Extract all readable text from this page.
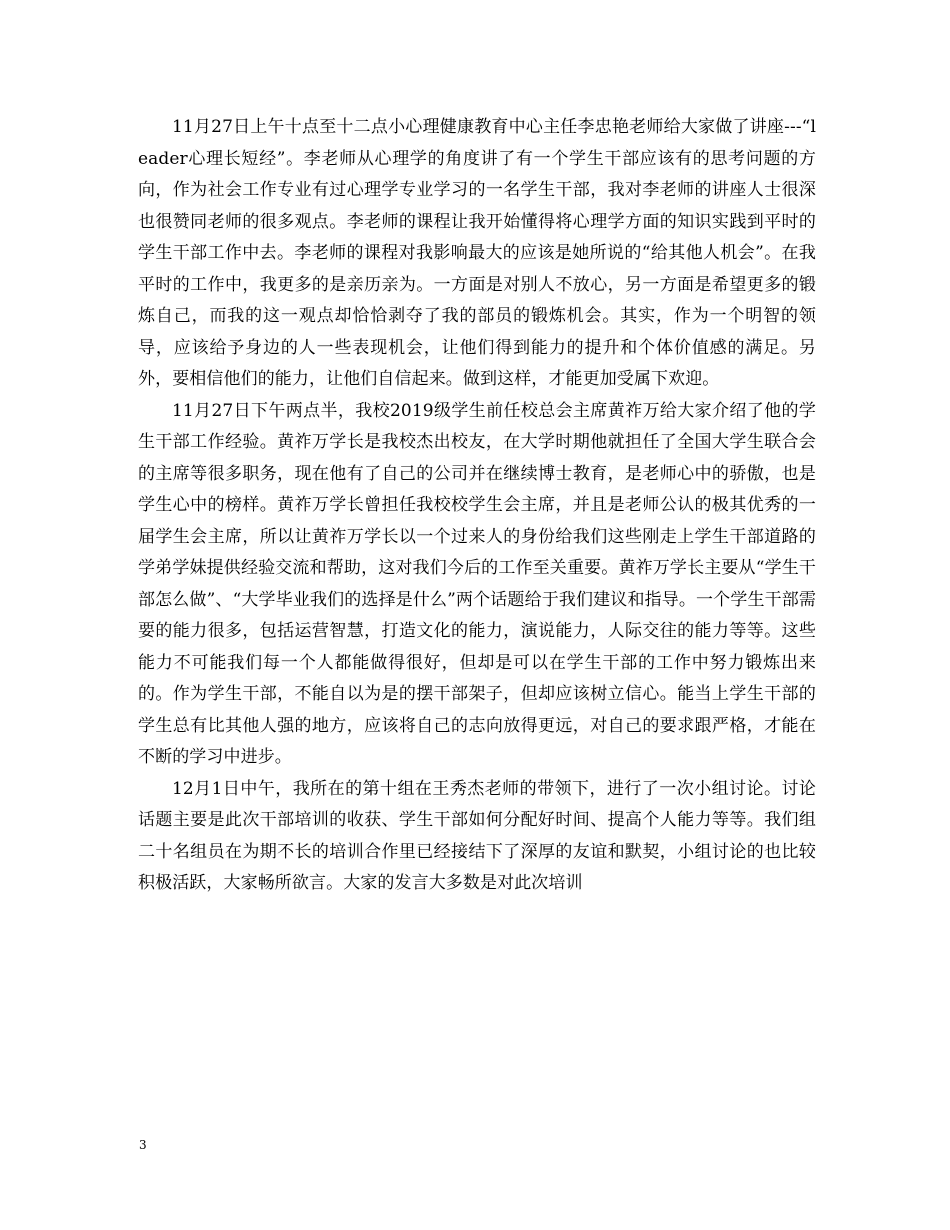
11月27日上午十点至十二点小心理健康教育中心主任李忠艳老师给大家做了讲座---“leader心理长短经”。李老师从心理学的角度讲了有一个学生干部应该有的思考问题的方向，作为社会工作专业有过心理学专业学习的一名学生干部，我对李老师的讲座人士很深也很赞同老师的很多观点。李老师的课程让我开始懂得将心理学方面的知识实践到平时的学生干部工作中去。李老师的课程对我影响最大的应该是她所说的“给其他人机会”。在我平时的工作中，我更多的是亲历亲为。一方面是对别人不放心，另一方面是希望更多的锻炼自己，而我的这一观点却恰恰剥夺了我的部员的锻炼机会。其实，作为一个明智的领导，应该给予身边的人一些表现机会，让他们得到能力的提升和个体价值感的满足。另外，要相信他们的能力，让他们自信起来。做到这样，才能更加受属下欢迎。

11月27日下午两点半，我校2019级学生前任校总会主席黄祚万给大家介绍了他的学生干部工作经验。黄祚万学长是我校杰出校友，在大学时期他就担任了全国大学生联合会的主席等很多职务，现在他有了自己的公司并在继续博士教育，是老师心中的骄傲，也是学生心中的榜样。黄祚万学长曾担任我校校学生会主席，并且是老师公认的极其优秀的一届学生会主席，所以让黄祚万学长以一个过来人的身份给我们这些刚走上学生干部道路的学弟学妹提供经验交流和帮助，这对我们今后的工作至关重要。黄祚万学长主要从“学生干部怎么做”、“大学毕业我们的选择是什么”两个话题给于我们建议和指导。一个学生干部需要的能力很多，包括运营智慧，打造文化的能力，演说能力，人际交往的能力等等。这些能力不可能我们每一个人都能做得很好，但却是可以在学生干部的工作中努力锻炼出来的。作为学生干部，不能自以为是的摆干部架子，但却应该树立信心。能当上学生干部的学生总有比其他人强的地方，应该将自己的志向放得更远，对自己的要求跟严格，才能在不断的学习中进步。

12月1日中午，我所在的第十组在王秀杰老师的带领下，进行了一次小组讨论。讨论话题主要是此次干部培训的收获、学生干部如何分配好时间、提高个人能力等等。我们组二十名组员在为期不长的培训合作里已经接结下了深厚的友谊和默契，小组讨论的也比较积极活跃，大家畅所欲言。大家的发言大多数是对此次培训

3
